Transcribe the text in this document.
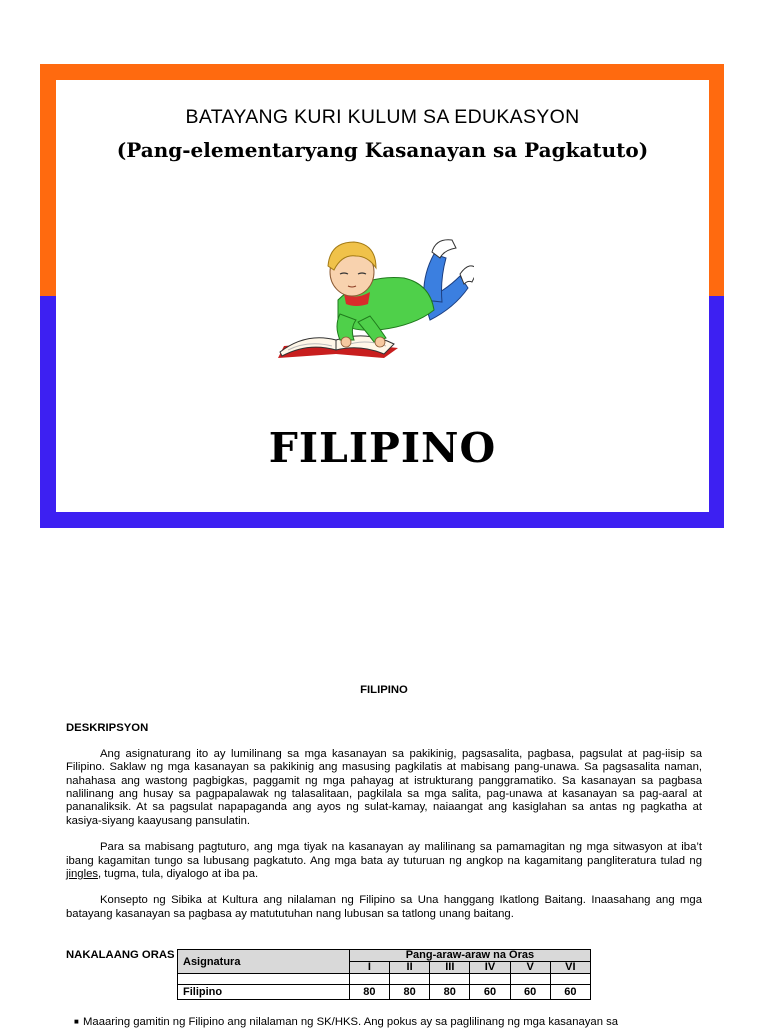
BATAYANG KURI KULUM SA EDUKASYON
(Pang-elementaryang Kasanayan sa Pagkatuto)
FILIPINO
FILIPINO
DESKRIPSYON
Ang asignaturang ito ay lumilinang sa mga kasanayan sa pakikinig, pagsasalita, pagbasa, pagsulat at pag-iisip sa Filipino. Saklaw ng mga kasanayan sa pakikinig ang masusing pagkilatis at mabisang pang-unawa. Sa pagsasalita naman, nahahasa ang wastong pagbigkas, paggamit ng mga pahayag at istrukturang panggramatiko. Sa kasanayan sa pagbasa nalilinang ang husay sa pagpapalawak ng talasalitaan, pagkilala sa mga salita, pag-unawa at kasanayan sa pag-aaral at pananaliksik. At sa pagsulat napapaganda ang ayos ng sulat-kamay, naiaangat ang kasiglahan sa antas ng pagkatha at kasiya-siyang kaayusang pansulatin.
Para sa mabisang pagtuturo, ang mga tiyak na kasanayan ay malilinang sa pamamagitan ng mga sitwasyon at iba’t ibang kagamitan tungo sa lubusang pagkatuto. Ang mga bata ay tuturuan ng angkop na kagamitang pangliteratura tulad ng jingles, tugma, tula, diyalogo at iba pa.
Konsepto ng Sibika at Kultura ang nilalaman ng Filipino sa Una hanggang Ikatlong Baitang. Inaasahang ang mga batayang kasanayan sa pagbasa ay matututuhan nang lubusan sa tatlong unang baitang.
NAKALAANG ORAS
Asignatura	Pang-araw-araw na Oras					
	I	II	III	IV	V	VI

Filipino	80	80	80	60	60	60
■ Maaaring gamitin ng Filipino ang nilalaman ng SK/HKS. Ang pokus ay sa paglilinang ng mga kasanayan sa
